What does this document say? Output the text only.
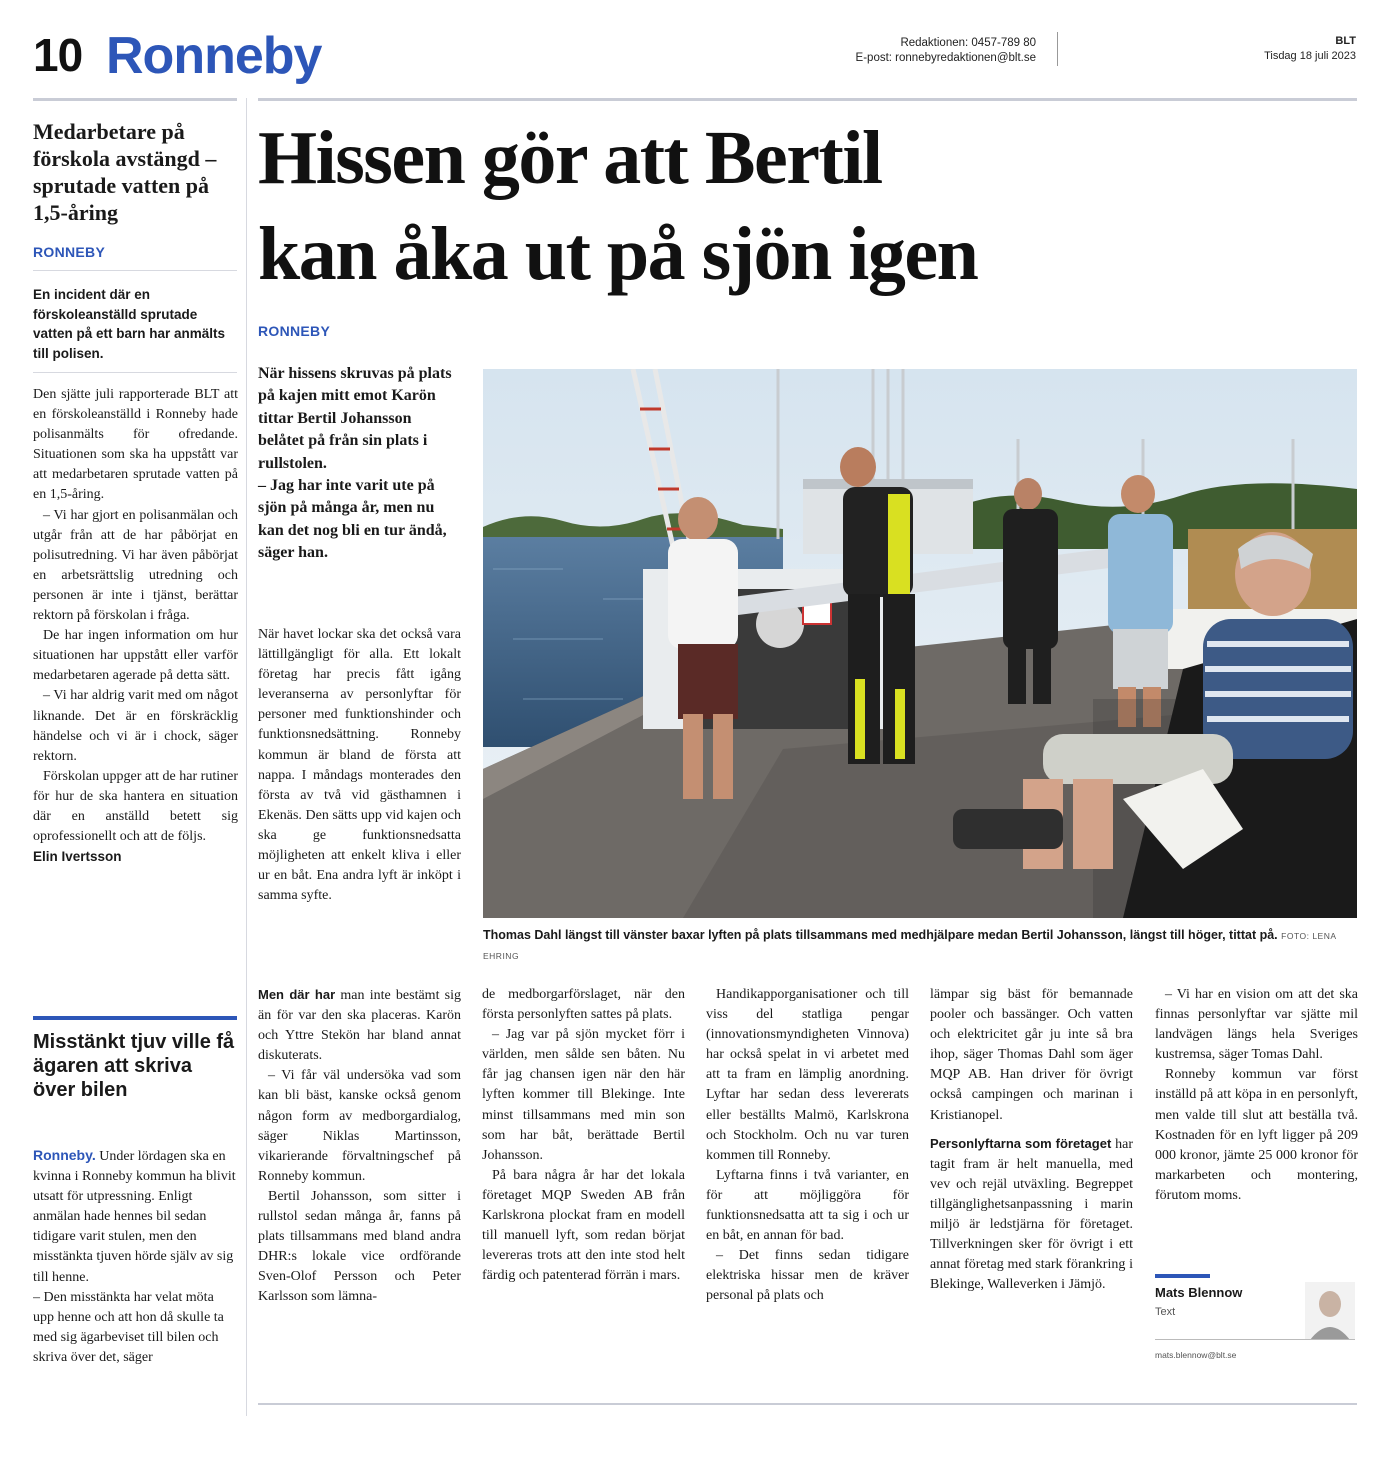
10 Ronneby	Redaktionen: 0457-789 80
E-post: ronnebyredaktionen@blt.se
BLT
Tisdag 18 juli 2023
Medarbetare på förskola avstängd – sprutade vatten på 1,5-åring
RONNEBY
En incident där en förskoleanställd sprutade vatten på ett barn har anmälts till polisen.

Den sjätte juli rapporterade BLT att en förskoleanställd i Ronneby hade polisanmälts för ofredande. Situationen som ska ha uppstått var att medarbetaren sprutade vatten på en 1,5-åring.

– Vi har gjort en polisanmälan och utgår från att de har påbörjat en polisutredning. Vi har även påbörjat en arbetsrättslig utredning och personen är inte i tjänst, berättar rektorn på förskolan i fråga.

De har ingen information om hur situationen har uppstått eller varför medarbetaren agerade på detta sätt.

– Vi har aldrig varit med om något liknande. Det är en förskräcklig händelse och vi är i chock, säger rektorn.

Förskolan uppger att de har rutiner för hur de ska hantera en situation där en anställd betett sig oprofessionellt och att de följs.

Elin Ivertsson

Misstänkt tjuv ville få ägaren att skriva över bilen
Ronneby. Under lördagen ska en kvinna i Ronneby kommun ha blivit utsatt för utpressning. Enligt anmälan hade hennes bil sedan tidigare varit stulen, men den misstänkta tjuven hörde själv av sig till henne.
– Den misstänkta har velat möta upp henne och att hon då skulle ta med sig ägarbeviset till bilen och skriva över det, säger
Hissen gör att Bertil
kan åka ut på sjön igen
RONNEBY

När hissens skruvas på plats på kajen mitt emot Karön tittar Bertil Johansson belåtet på från sin plats i rullstolen.

– Jag har inte varit ute på sjön på många år, men nu kan det nog bli en tur ändå, säger han.

När havet lockar ska det också vara lättillgängligt för alla. Ett lokalt företag har precis fått igång leveranserna av personlyftar för personer med funktionshinder och funktionsnedsättning. Ronneby kommun är bland de första att nappa. I måndags monterades den första av två vid gästhamnen i Ekenäs. Den sätts upp vid kajen och ska ge funktionsnedsatta möjligheten att enkelt kliva i eller ur en båt. Ena andra lyft är inköpt i samma syfte.

Thomas Dahl längst till vänster baxar lyften på plats tillsammans med medhjälpare medan Bertil Johansson, längst till höger, tittat på. FOTO: LENA EHRING

Men där har man inte bestämt sig än för var den ska placeras. Karön och Yttre Stekön har bland annat diskuterats.

– Vi får väl undersöka vad som kan bli bäst, kanske också genom någon form av medborgardialog, säger Niklas Martinsson, vikarierande förvaltningschef på Ronneby kommun.

Bertil Johansson, som sitter i rullstol sedan många år, fanns på plats tillsammans med bland andra DHR:s lokale vice ordförande Sven-Olof Persson och Peter Karlsson som lämna-

de medborgarförslaget, när den första personlyften sattes på plats.

– Jag var på sjön mycket förr i världen, men sålde sen båten. Nu får jag chansen igen när den här lyften kommer till Blekinge. Inte minst tillsammans med min son som har båt, berättade Bertil Johansson.

På bara några år har det lokala företaget MQP Sweden AB från Karlskrona plockat fram en modell till manuell lyft, som redan börjat levereras trots att den inte stod helt färdig och patenterad förrän i mars.

Handikapporganisationer och till viss del statliga pengar (innovationsmyndigheten Vinnova) har också spelat in vi arbetet med att ta fram en lämplig anordning. Lyftar har sedan dess levererats eller beställts Malmö, Karlskrona och Stockholm. Och nu var turen kommen till Ronneby.

Lyftarna finns i två varianter, en för att möjliggöra för funktionsnedsatta att ta sig i och ur en båt, en annan för bad.

– Det finns sedan tidigare elektriska hissar men de kräver personal på plats och

lämpar sig bäst för bemannade pooler och bassänger. Och vatten och elektricitet går ju inte så bra ihop, säger Thomas Dahl som äger MQP AB. Han driver för övrigt också campingen och marinan i Kristianopel.

Personlyftarna som företaget har tagit fram är helt manuella, med vev och rejäl utväxling. Begreppet tillgänglighetsanpassning i marin miljö är ledstjärna för företaget. Tillverkningen sker för övrigt i ett annat företag med stark förankring i Blekinge, Walleverken i Jämjö.

– Vi har en vision om att det ska finnas personlyftar var sjätte mil landvägen längs hela Sveriges kustremsa, säger Tomas Dahl.

Ronneby kommun var först inställd på att köpa in en personlyft, men valde till slut att beställa två. Kostnaden för en lyft ligger på 209 000 kronor, jämte 25 000 kronor för markarbeten och montering, förutom moms.

Mats Blennow
Text
mats.blennow@blt.se
